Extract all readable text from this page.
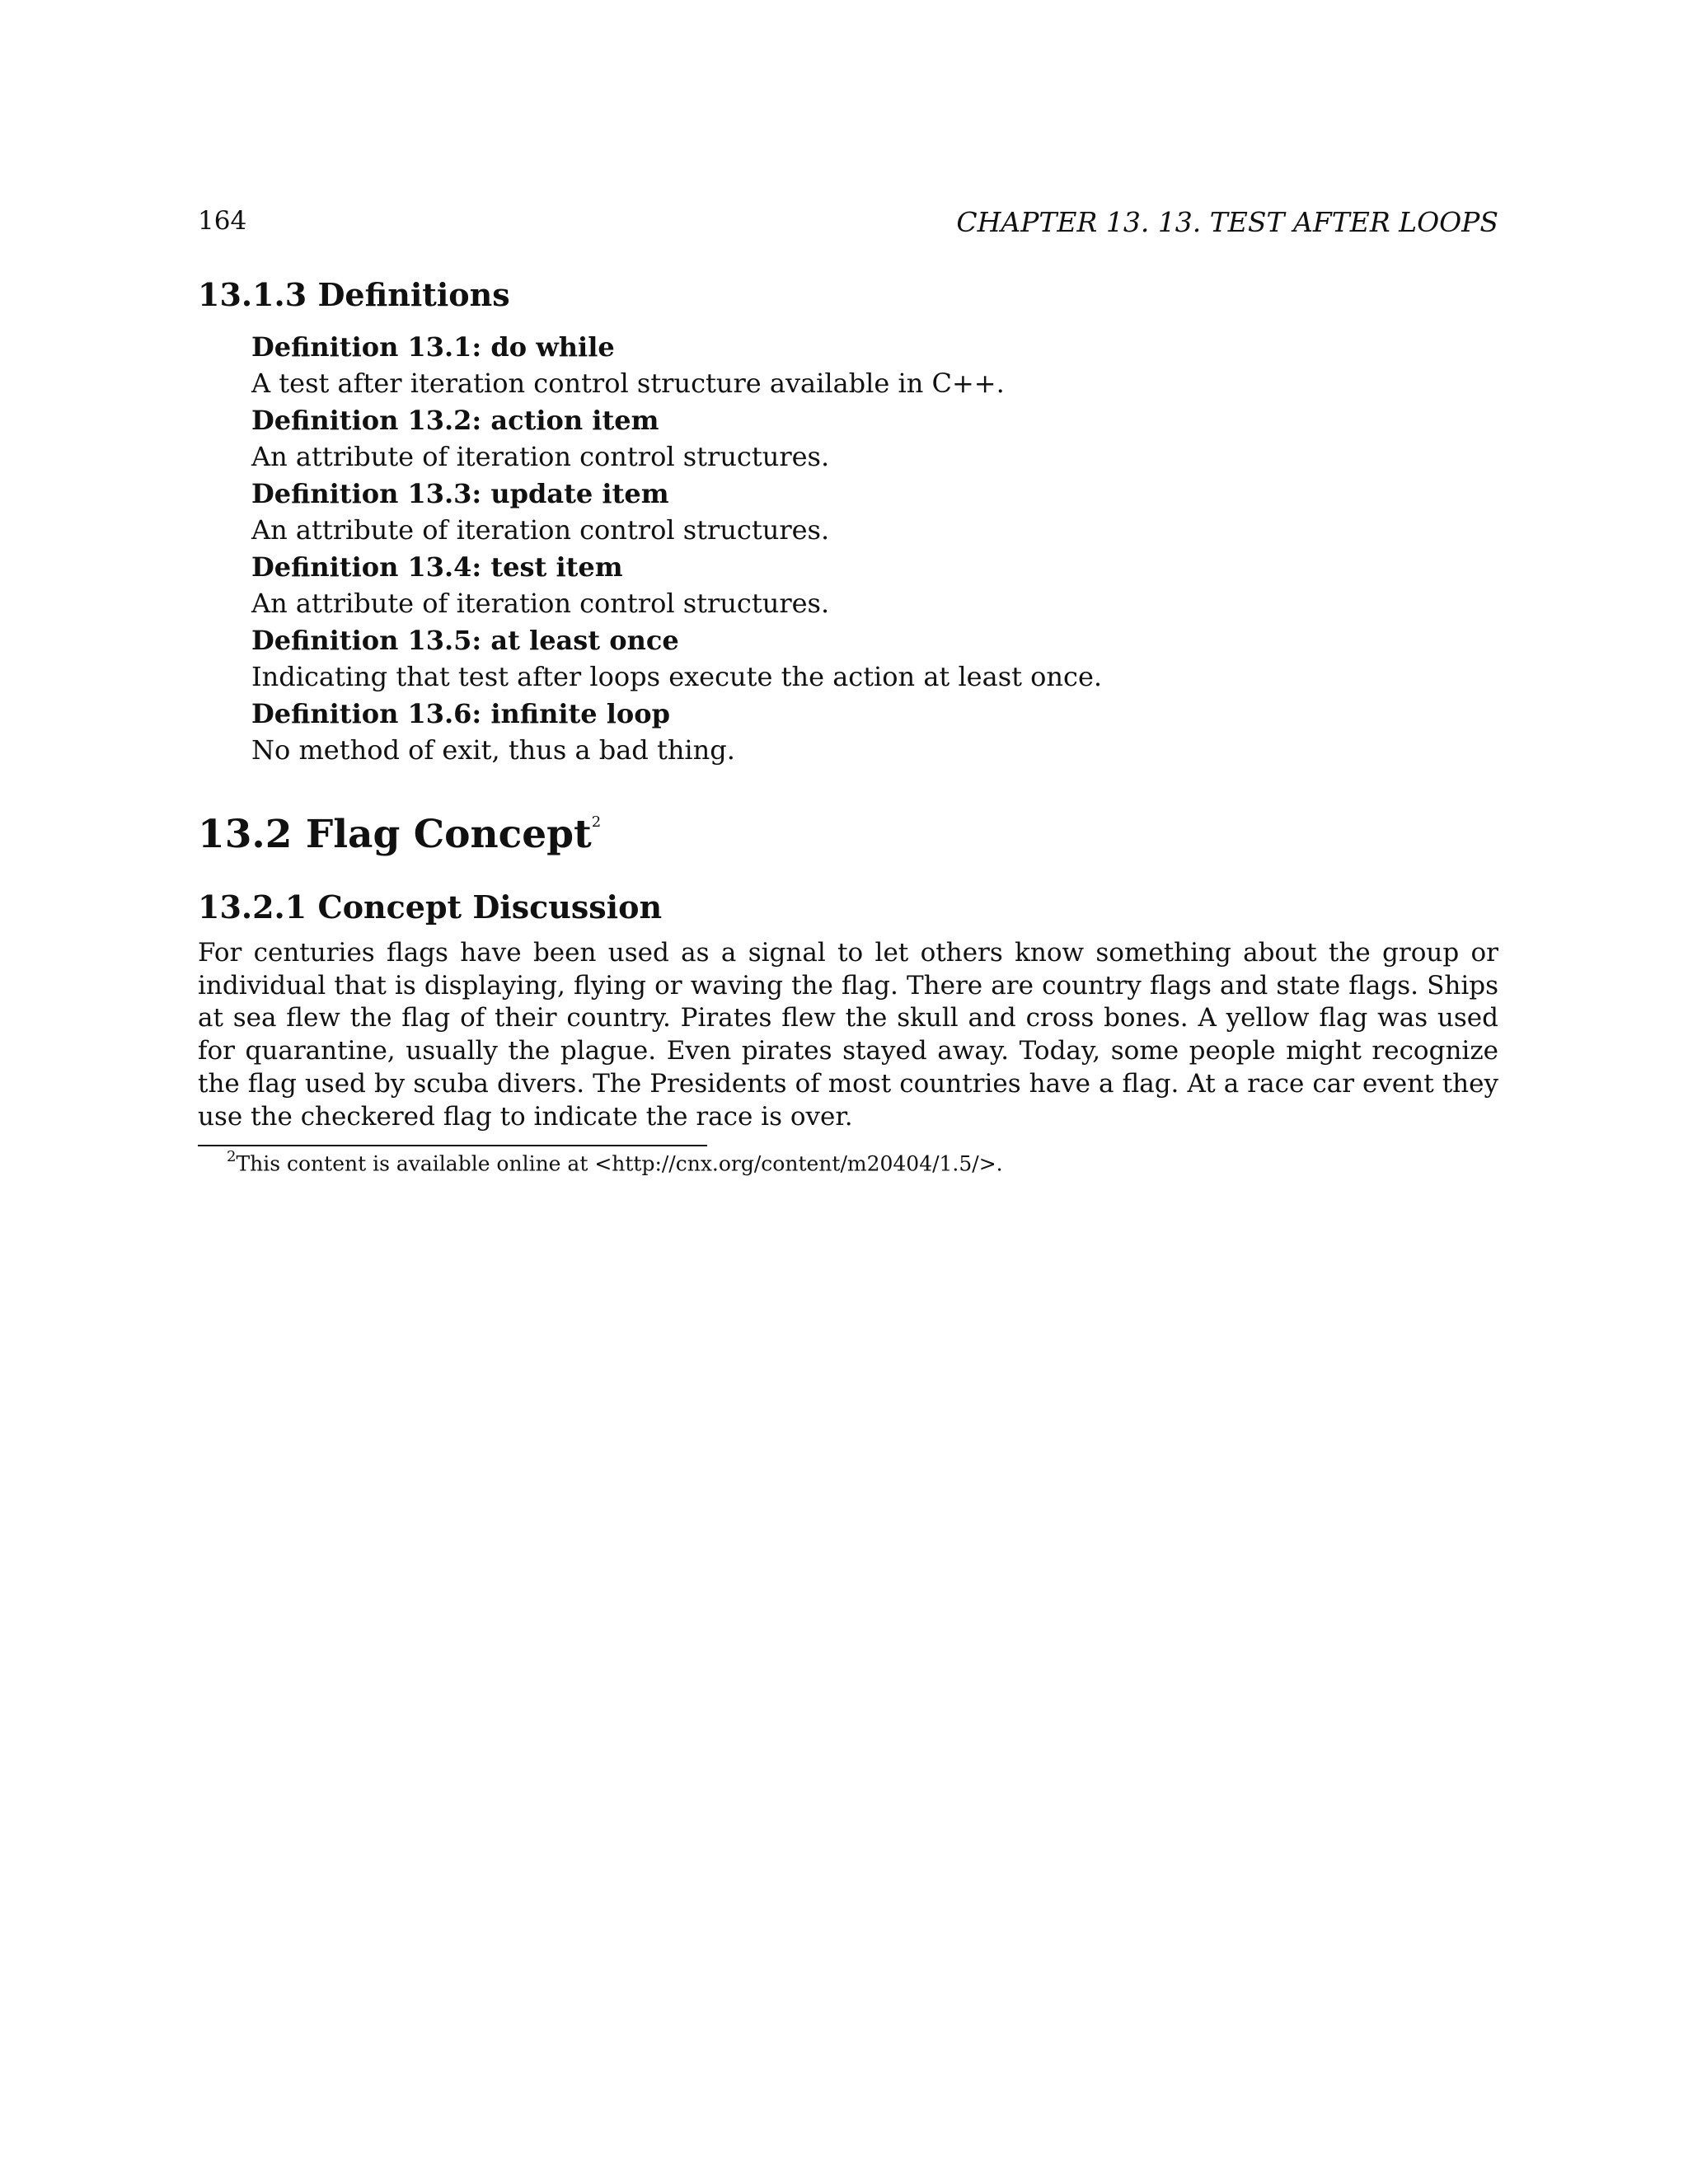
164	CHAPTER 13. 13. TEST AFTER LOOPS
13.1.3 Definitions
Definition 13.1: do while
A test after iteration control structure available in C++.
Definition 13.2: action item
An attribute of iteration control structures.
Definition 13.3: update item
An attribute of iteration control structures.
Definition 13.4: test item
An attribute of iteration control structures.
Definition 13.5: at least once
Indicating that test after loops execute the action at least once.
Definition 13.6: infinite loop
No method of exit, thus a bad thing.
13.2 Flag Concept$^2$
13.2.1 Concept Discussion

For centuries flags have been used as a signal to let others know something about the group or individual that is displaying, flying or waving the flag. There are country flags and state flags. Ships at sea flew the flag of their country. Pirates flew the skull and cross bones. A yellow flag was used for quarantine, usually the plague. Even pirates stayed away. Today, some people might recognize the flag used by scuba divers. The Presidents of most countries have a flag. At a race car event they use the checkered flag to indicate the race is over.

$^2$This content is available online at <http://cnx.org/content/m20404/1.5/>.
